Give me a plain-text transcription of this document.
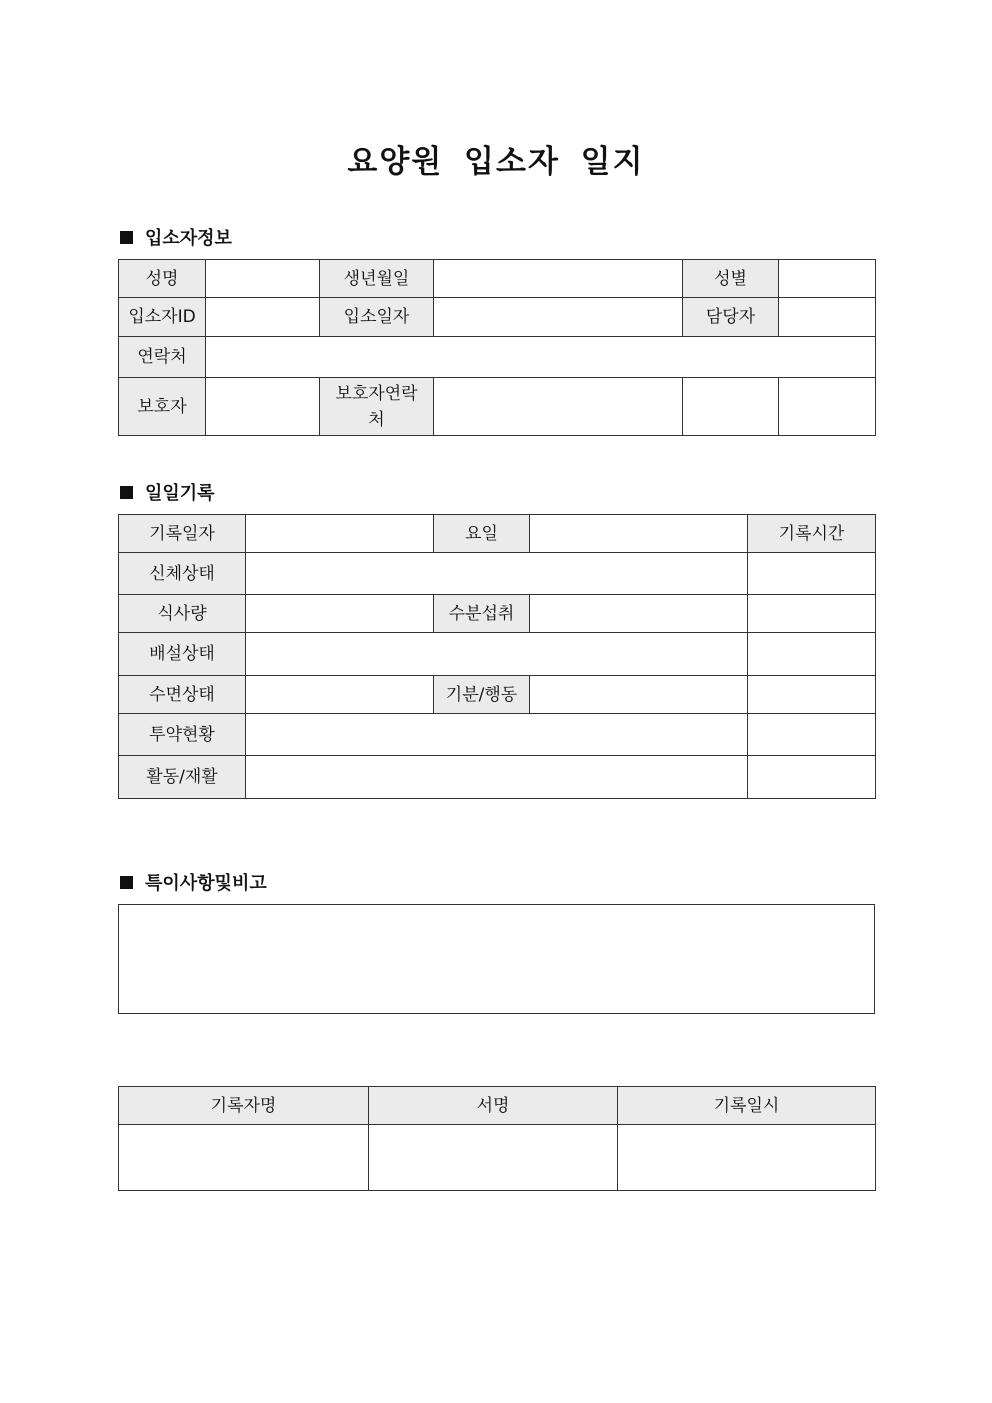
요양원 입소자 일지
입소자정보
성명		생년월일		성별	
입소자ID		입소일자		담당자	
연락처					
보호자		보호자연락처			
일일기록
기록일자		요일		기록시간
신체상태				
식사량		수분섭취		
배설상태				
수면상태		기분/행동		
투약현황				
활동/재활				
특이사항및비고
기록자명	서명	기록일시
